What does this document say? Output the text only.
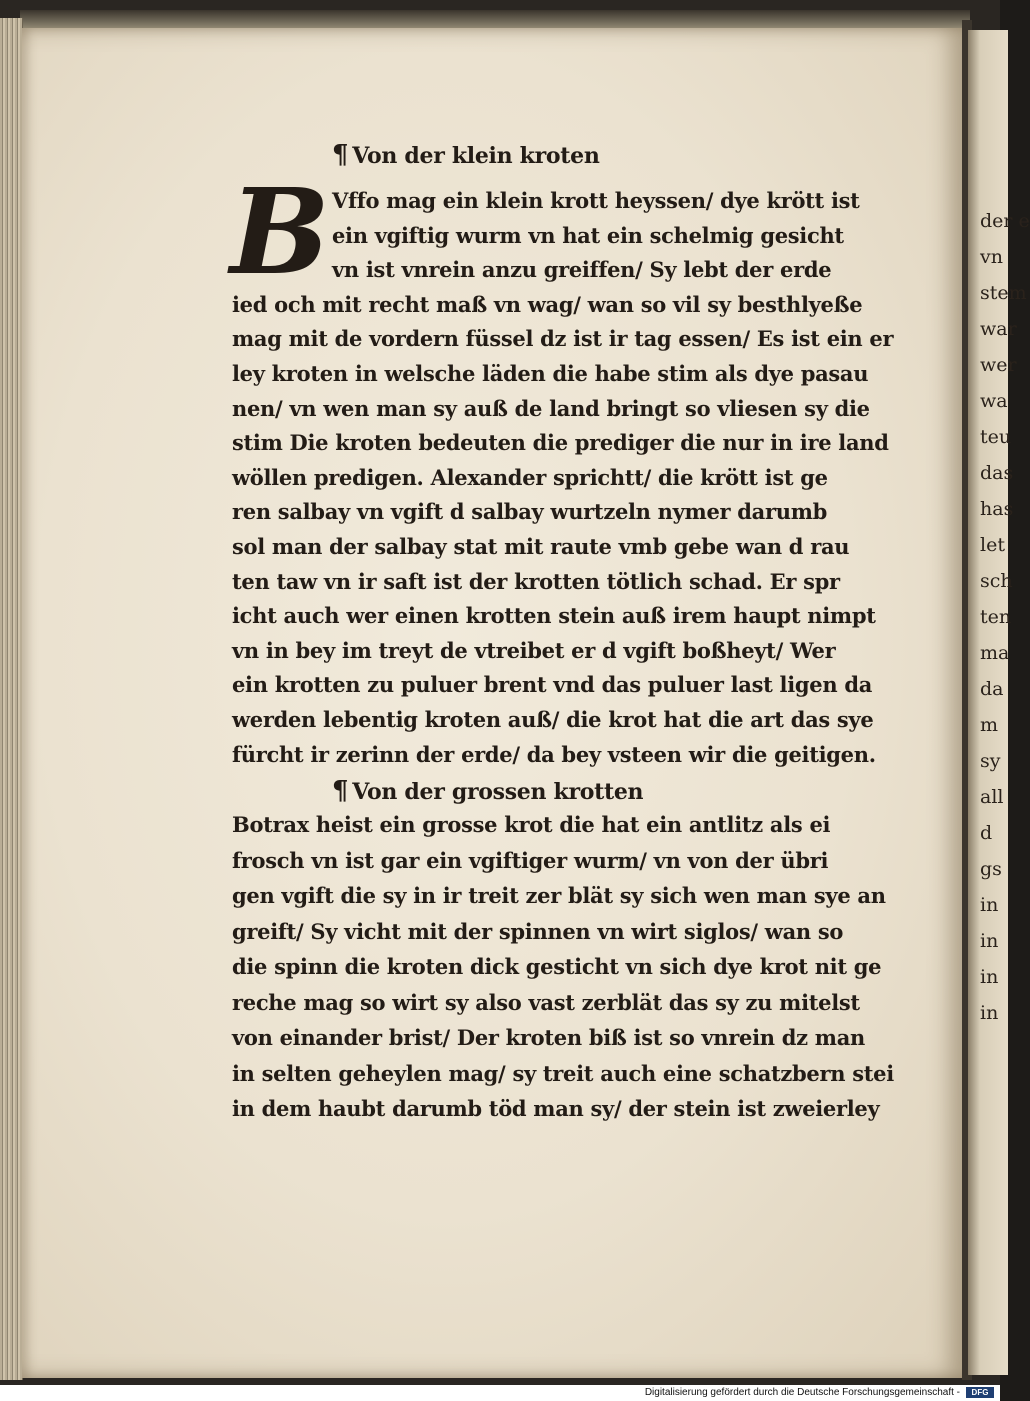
der e
vn
stem
war
wer
wa
teu
das
has
let
sch
ten
ma
da
m
sy
all
d
gs
in
in
in
in
B
¶ Von der klein kroten
Vffo mag ein klein krott heyssen/ dye krött ist
ein vgiftig wurm vn hat ein schelmig gesicht
vn ist vnrein anzu greiffen/ Sy lebt der erde
ied och mit recht maß vn wag/ wan so vil sy besthlyeße
mag mit de vordern füssel dz ist ir tag essen/ Es ist ein er
ley kroten in welsche läden die habe stim als dye pasau
nen/ vn wen man sy auß de land bringt so vliesen sy die
stim Die kroten bedeuten die prediger die nur in ire land
wöllen predigen. Alexander sprichtt/ die krött ist ge
ren salbay vn vgift d salbay wurtzeln nymer darumb
sol man der salbay stat mit raute vmb gebe wan d rau
ten taw vn ir saft ist der krotten tötlich schad. Er spr
icht auch wer einen krotten stein auß irem haupt nimpt
vn in bey im treyt de vtreibet er d vgift boßheyt/ Wer
ein krotten zu puluer brent vnd das puluer last ligen da
werden lebentig kroten auß/ die krot hat die art das sye
fürcht ir zerinn der erde/ da bey vsteen wir die geitigen.
¶ Von der grossen krotten
Botrax heist ein grosse krot die hat ein antlitz als ei
frosch vn ist gar ein vgiftiger wurm/ vn von der übri
gen vgift die sy in ir treit zer blät sy sich wen man sye an
greift/ Sy vicht mit der spinnen vn wirt siglos/ wan so
die spinn die kroten dick gesticht vn sich dye krot nit ge
reche mag so wirt sy also vast zerblät das sy zu mitelst
von einander brist/ Der kroten biß ist so vnrein dz man
in selten geheylen mag/ sy treit auch eine schatzbern stei
in dem haubt darumb töd man sy/ der stein ist zweierley
Digitalisierung gefördert durch die Deutsche Forschungsgemeinschaft -	DFG
